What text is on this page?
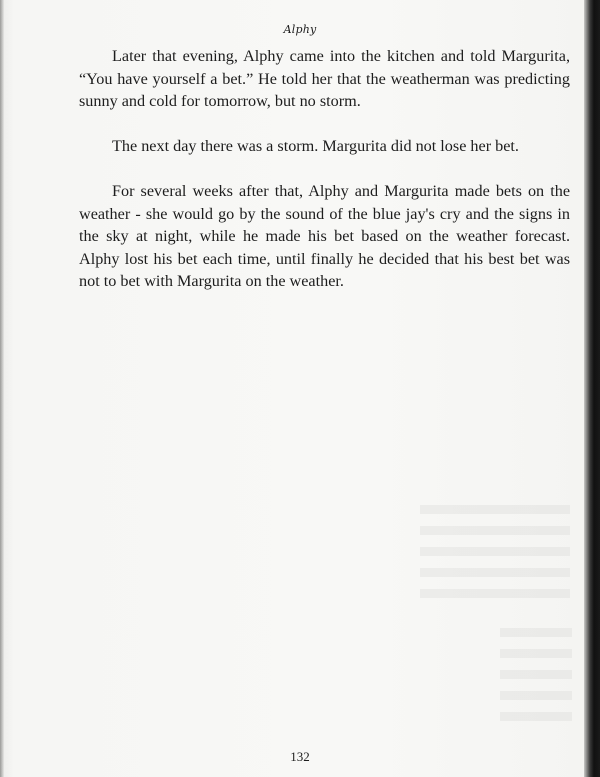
Alphy

Later that evening, Alphy came into the kitchen and told Margurita, “You have yourself a bet.” He told her that the weatherman was predicting sunny and cold for tomorrow, but no storm.

The next day there was a storm. Margurita did not lose her bet.

For several weeks after that, Alphy and Margurita made bets on the weather - she would go by the sound of the blue jay's cry and the signs in the sky at night, while he made his bet based on the weather forecast. Alphy lost his bet each time, until finally he decided that his best bet was not to bet with Margurita on the weather.

132
